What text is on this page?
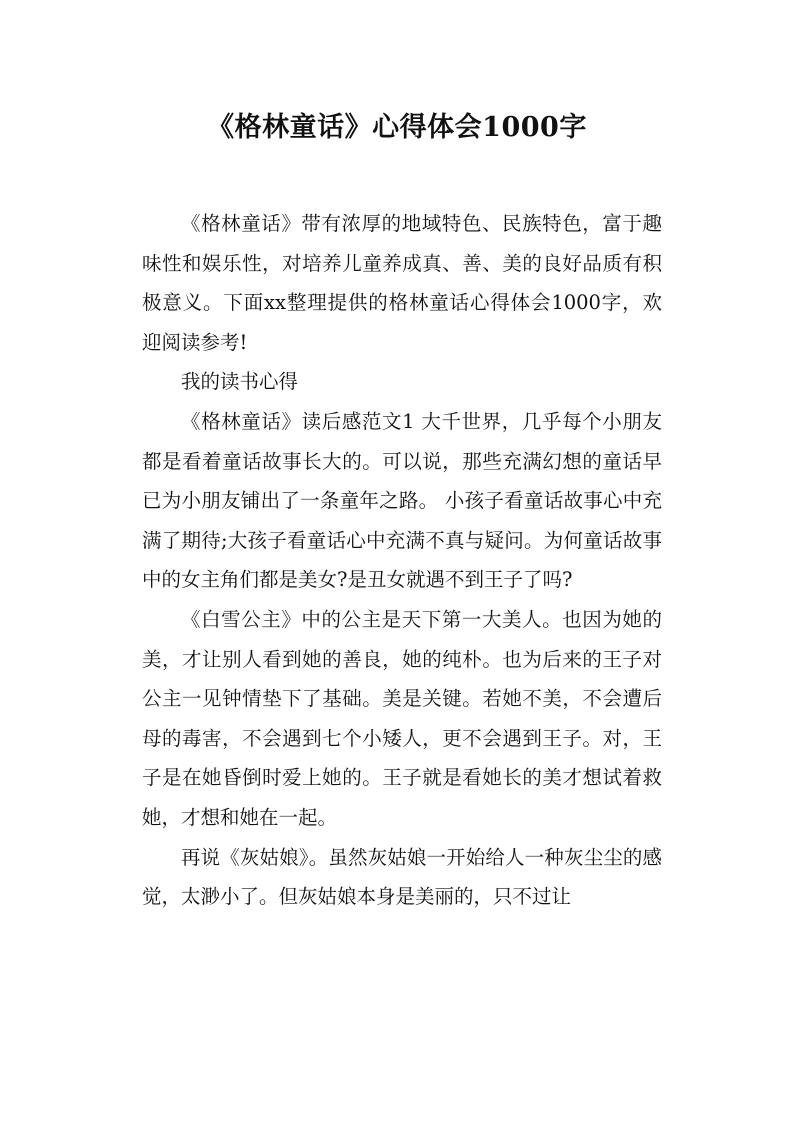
《格林童话》心得体会1000字

《格林童话》带有浓厚的地域特色、民族特色，富于趣味性和娱乐性，对培养儿童养成真、善、美的良好品质有积极意义。下面xx整理提供的格林童话心得体会1000字，欢迎阅读参考!

我的读书心得

《格林童话》读后感范文1 大千世界，几乎每个小朋友都是看着童话故事长大的。可以说，那些充满幻想的童话早已为小朋友铺出了一条童年之路。 小孩子看童话故事心中充满了期待;大孩子看童话心中充满不真与疑问。为何童话故事中的女主角们都是美女?是丑女就遇不到王子了吗?

《白雪公主》中的公主是天下第一大美人。也因为她的美，才让别人看到她的善良，她的纯朴。也为后来的王子对公主一见钟情垫下了基础。美是关键。若她不美，不会遭后母的毒害，不会遇到七个小矮人，更不会遇到王子。对，王子是在她昏倒时爱上她的。王子就是看她长的美才想试着救她，才想和她在一起。

再说《灰姑娘》。虽然灰姑娘一开始给人一种灰尘尘的感觉，太渺小了。但灰姑娘本身是美丽的，只不过让
